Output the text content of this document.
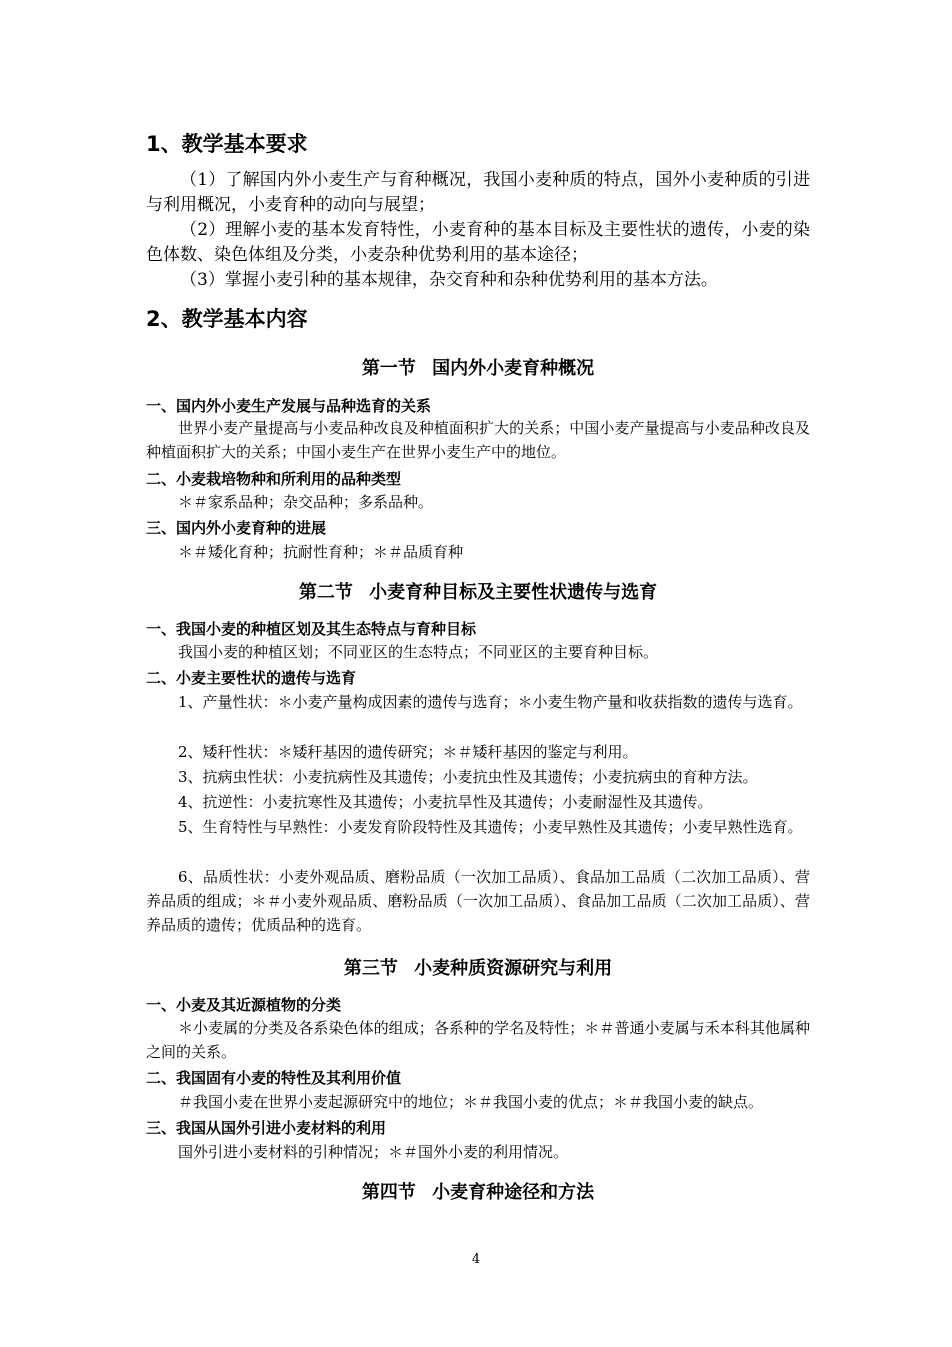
1、教学基本要求

（1）了解国内外小麦生产与育种概况，我国小麦种质的特点，国外小麦种质的引进与利用概况，小麦育种的动向与展望；

（2）理解小麦的基本发育特性，小麦育种的基本目标及主要性状的遗传，小麦的染色体数、染色体组及分类，小麦杂种优势利用的基本途径；

（3）掌握小麦引种的基本规律，杂交育种和杂种优势利用的基本方法。

2、教学基本内容
第一节 国内外小麦育种概况
一、国内外小麦生产发展与品种选育的关系

世界小麦产量提高与小麦品种改良及种植面积扩大的关系；中国小麦产量提高与小麦品种改良及种植面积扩大的关系；中国小麦生产在世界小麦生产中的地位。

二、小麦栽培物种和所利用的品种类型

＊＃家系品种；杂交品种；多系品种。

三、国内外小麦育种的进展

＊＃矮化育种；抗耐性育种；＊＃品质育种

第二节 小麦育种目标及主要性状遗传与选育
一、我国小麦的种植区划及其生态特点与育种目标

我国小麦的种植区划；不同亚区的生态特点；不同亚区的主要育种目标。

二、小麦主要性状的遗传与选育

1、产量性状：＊小麦产量构成因素的遗传与选育；＊小麦生物产量和收获指数的遗传与选育。

2、矮秆性状：＊矮秆基因的遗传研究；＊＃矮秆基因的鉴定与利用。

3、抗病虫性状：小麦抗病性及其遗传；小麦抗虫性及其遗传；小麦抗病虫的育种方法。

4、抗逆性：小麦抗寒性及其遗传；小麦抗旱性及其遗传；小麦耐湿性及其遗传。

5、生育特性与早熟性：小麦发育阶段特性及其遗传；小麦早熟性及其遗传；小麦早熟性选育。

6、品质性状：小麦外观品质、磨粉品质（一次加工品质）、食品加工品质（二次加工品质）、营养品质的组成；＊＃小麦外观品质、磨粉品质（一次加工品质）、食品加工品质（二次加工品质）、营养品质的遗传；优质品种的选育。

第三节 小麦种质资源研究与利用
一、小麦及其近源植物的分类

＊小麦属的分类及各系染色体的组成；各系种的学名及特性；＊＃普通小麦属与禾本科其他属种之间的关系。

二、我国固有小麦的特性及其利用价值

＃我国小麦在世界小麦起源研究中的地位；＊＃我国小麦的优点；＊＃我国小麦的缺点。

三、我国从国外引进小麦材料的利用

国外引进小麦材料的引种情况；＊＃国外小麦的利用情况。

第四节 小麦育种途径和方法
4
